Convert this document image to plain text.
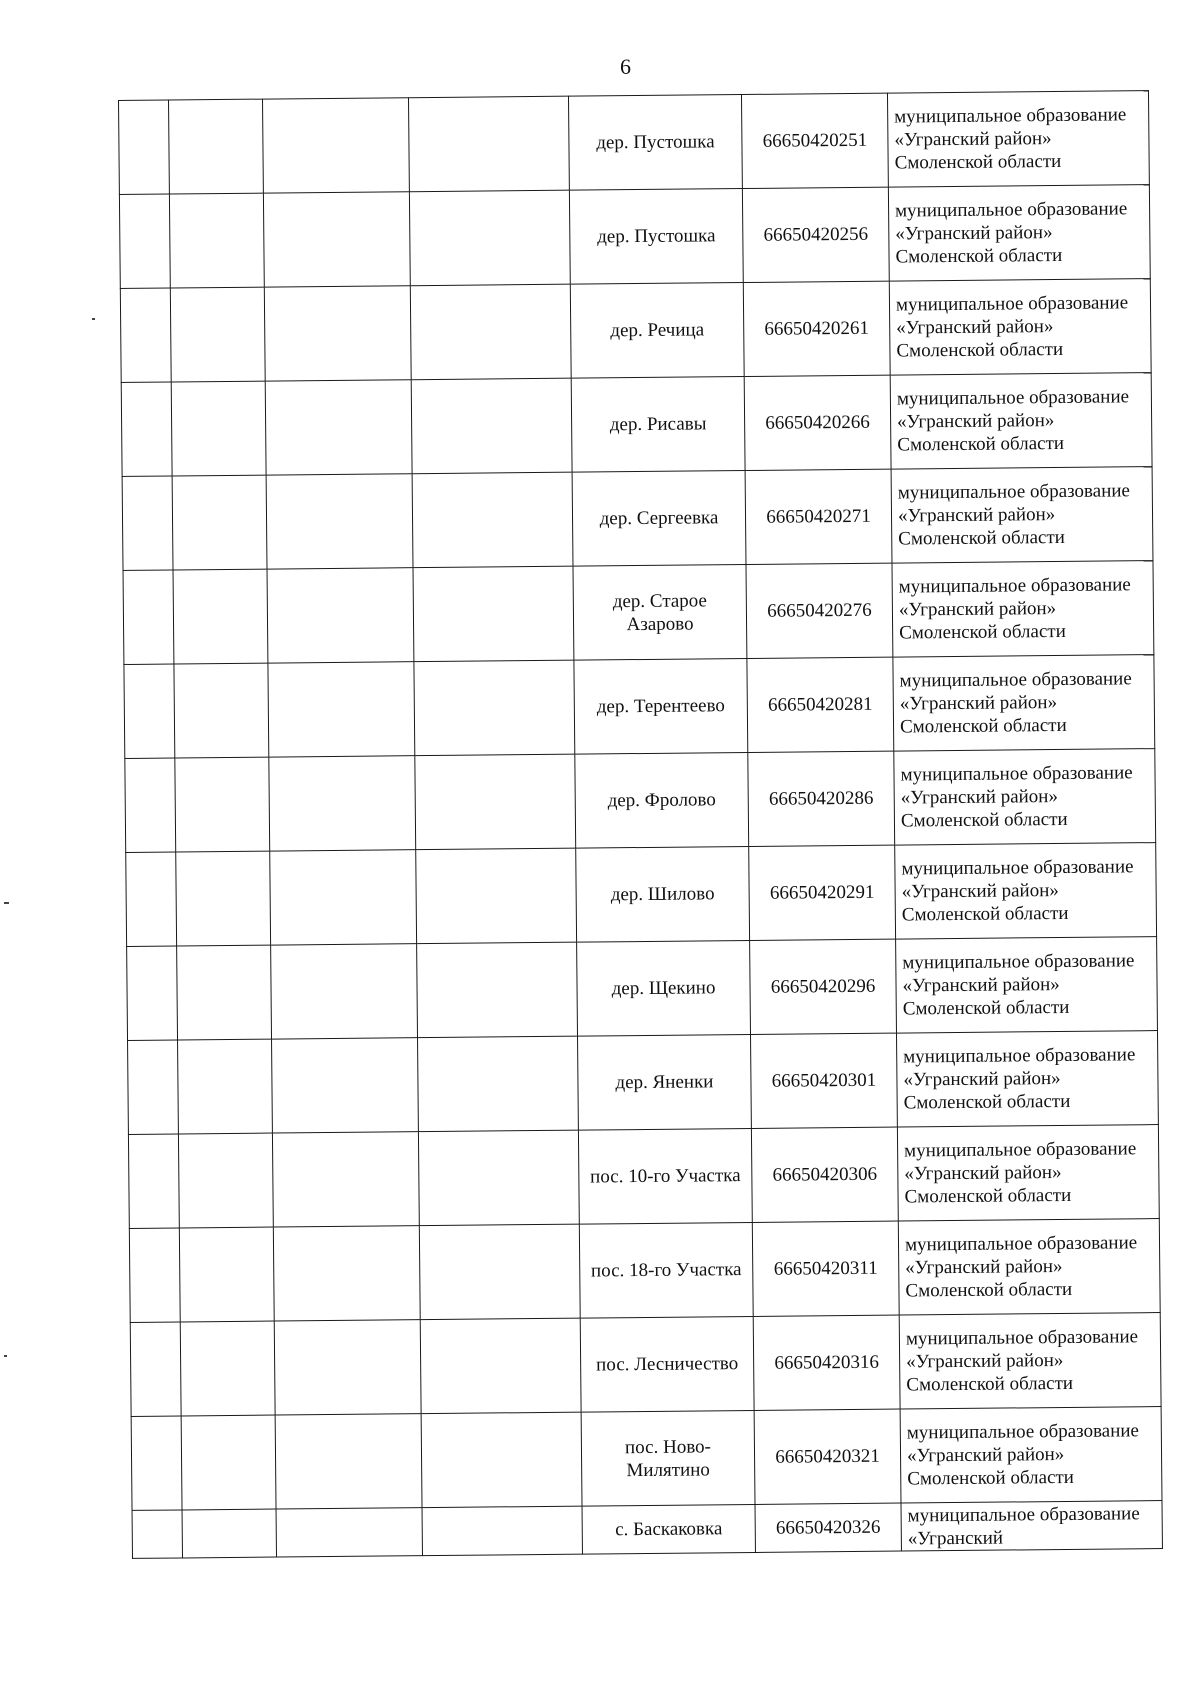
6
				дер. Пустошка	66650420251	муниципальное образование «Угранский район» Смоленской области
				дер. Пустошка	66650420256	муниципальное образование «Угранский район» Смоленской области
				дер. Речица	66650420261	муниципальное образование «Угранский район» Смоленской области
				дер. Рисавы	66650420266	муниципальное образование «Угранский район» Смоленской области
				дер. Сергеевка	66650420271	муниципальное образование «Угранский район» Смоленской области
				дер. Старое Азарово	66650420276	муниципальное образование «Угранский район» Смоленской области
				дер. Терентеево	66650420281	муниципальное образование «Угранский район» Смоленской области
				дер. Фролово	66650420286	муниципальное образование «Угранский район» Смоленской области
				дер. Шилово	66650420291	муниципальное образование «Угранский район» Смоленской области
				дер. Щекино	66650420296	муниципальное образование «Угранский район» Смоленской области
				дер. Яненки	66650420301	муниципальное образование «Угранский район» Смоленской области
				пос. 10-го Участка	66650420306	муниципальное образование «Угранский район» Смоленской области
				пос. 18-го Участка	66650420311	муниципальное образование «Угранский район» Смоленской области
				пос. Лесничество	66650420316	муниципальное образование «Угранский район» Смоленской области
				пос. Ново-Милятино	66650420321	муниципальное образование «Угранский район» Смоленской области
				с. Баскаковка	66650420326	муниципальное образование «Угранский
